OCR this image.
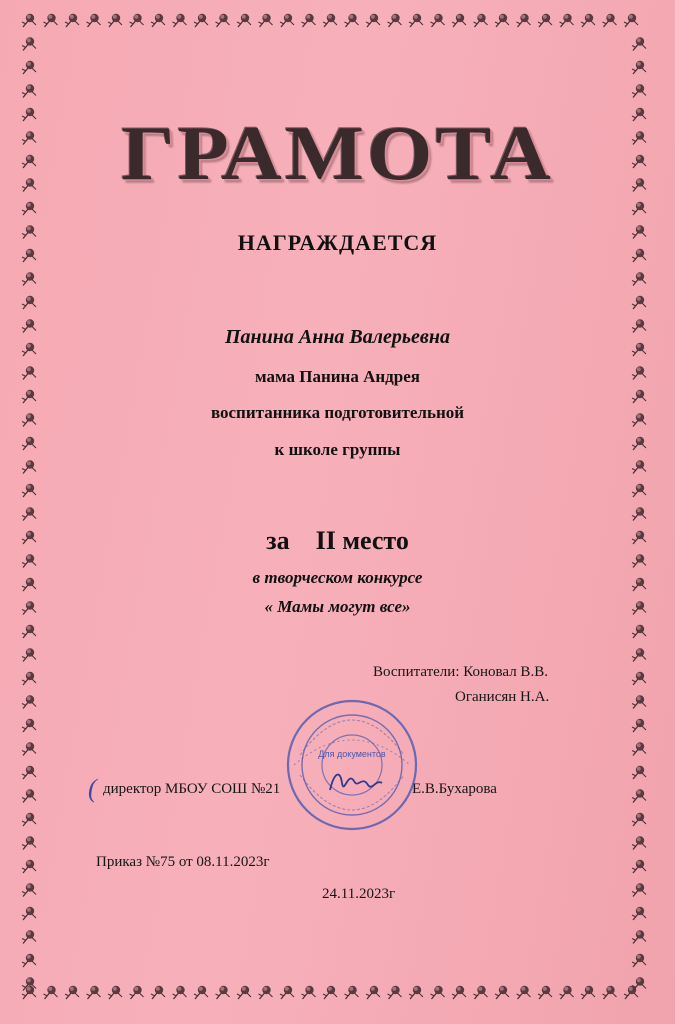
ГРАМОТА
НАГРАЖДАЕТСЯ
Панина Анна Валерьевна
мама Панина Андрея
воспитанника подготовительной
к школе группы
за II место
в творческом конкурсе
« Мамы могут все»
Воспитатели: Коновал В.В.
Оганисян Н.А.
( директор МБОУ СОШ №21	Е.В.Бухарова
Для документов
Приказ №75 от 08.11.2023г
24.11.2023г
